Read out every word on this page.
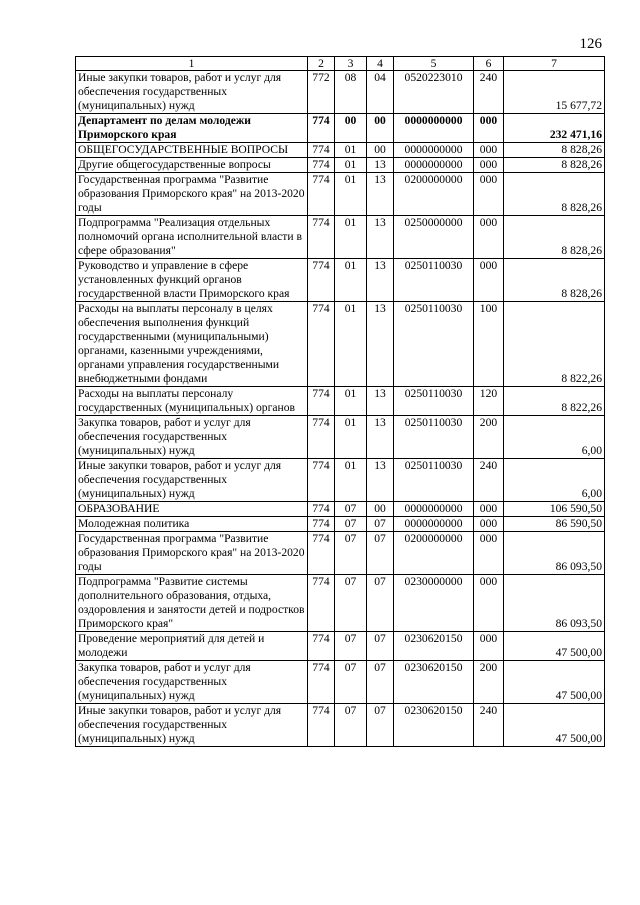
126
1	2	3	4	5	6	7
Иные закупки товаров, работ и услуг для обеспечения государственных (муниципальных) нужд	772	08	04	0520223010	240	15 677,72
Департамент по делам молодежи Приморского края	774	00	00	0000000000	000	232 471,16
ОБЩЕГОСУДАРСТВЕННЫЕ ВОПРОСЫ	774	01	00	0000000000	000	8 828,26
Другие общегосударственные вопросы	774	01	13	0000000000	000	8 828,26
Государственная программа "Развитие образования Приморского края" на 2013-2020 годы	774	01	13	0200000000	000	8 828,26
Подпрограмма "Реализация отдельных полномочий органа исполнительной власти в сфере образования"	774	01	13	0250000000	000	8 828,26
Руководство и управление в сфере установленных функций органов государственной власти Приморского края	774	01	13	0250110030	000	8 828,26
Расходы на выплаты персоналу в целях обеспечения выполнения функций государственными (муниципальными) органами, казенными учреждениями, органами управления государственными внебюджетными фондами	774	01	13	0250110030	100	8 822,26
Расходы на выплаты персоналу государственных (муниципальных) органов	774	01	13	0250110030	120	8 822,26
Закупка товаров, работ и услуг для обеспечения государственных (муниципальных) нужд	774	01	13	0250110030	200	6,00
Иные закупки товаров, работ и услуг для обеспечения государственных (муниципальных) нужд	774	01	13	0250110030	240	6,00
ОБРАЗОВАНИЕ	774	07	00	0000000000	000	106 590,50
Молодежная политика	774	07	07	0000000000	000	86 590,50
Государственная программа "Развитие образования Приморского края" на 2013-2020 годы	774	07	07	0200000000	000	86 093,50
Подпрограмма "Развитие системы дополнительного образования, отдыха, оздоровления и занятости детей и подростков Приморского края"	774	07	07	0230000000	000	86 093,50
Проведение мероприятий для детей и молодежи	774	07	07	0230620150	000	47 500,00
Закупка товаров, работ и услуг для обеспечения государственных (муниципальных) нужд	774	07	07	0230620150	200	47 500,00
Иные закупки товаров, работ и услуг для обеспечения государственных (муниципальных) нужд	774	07	07	0230620150	240	47 500,00
